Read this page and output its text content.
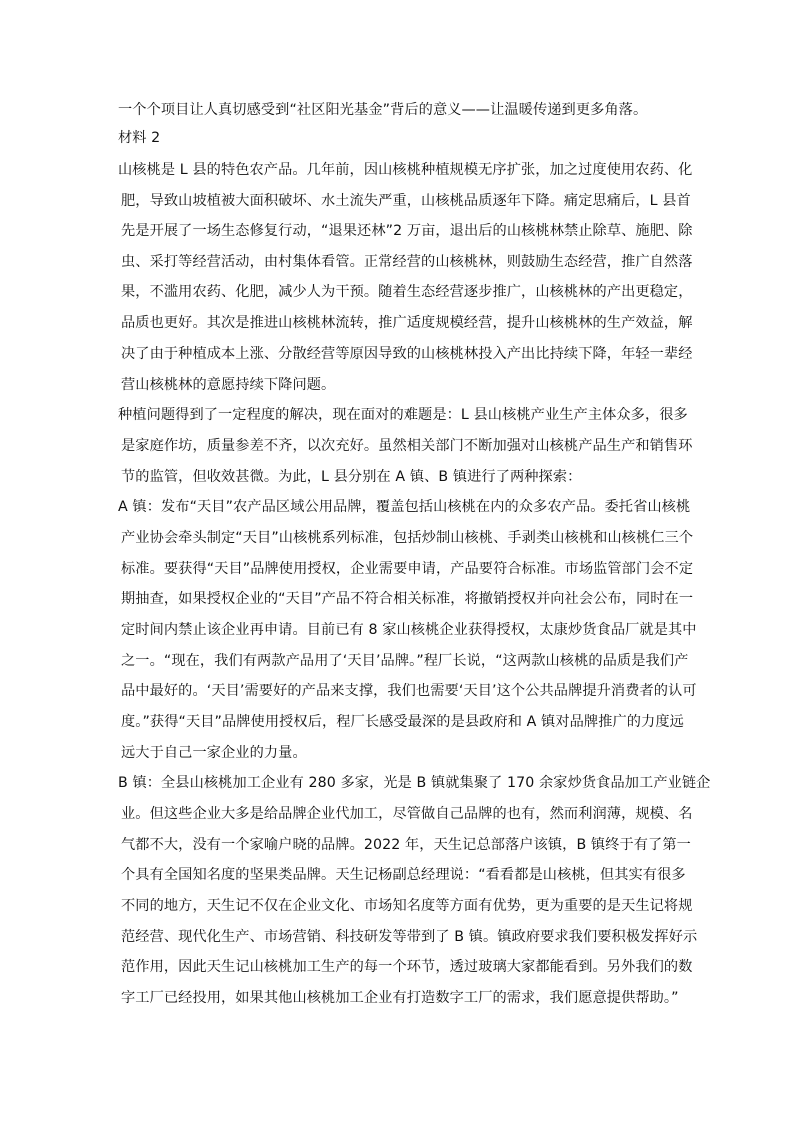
一个个项目让人真切感受到“社区阳光基金”背后的意义——让温暖传递到更多角落。
材料 2
山核桃是 L 县的特色农产品。几年前，因山核桃种植规模无序扩张，加之过度使用农药、化
肥，导致山坡植被大面积破坏、水土流失严重，山核桃品质逐年下降。痛定思痛后，L 县首
先是开展了一场生态修复行动，“退果还林”2 万亩，退出后的山核桃林禁止除草、施肥、除
虫、采打等经营活动，由村集体看管。正常经营的山核桃林，则鼓励生态经营，推广自然落
果，不滥用农药、化肥，减少人为干预。随着生态经营逐步推广，山核桃林的产出更稳定，
品质也更好。其次是推进山核桃林流转，推广适度规模经营，提升山核桃林的生产效益，解
决了由于种植成本上涨、分散经营等原因导致的山核桃林投入产出比持续下降，年轻一辈经
营山核桃林的意愿持续下降问题。
种植问题得到了一定程度的解决，现在面对的难题是：L 县山核桃产业生产主体众多，很多
是家庭作坊，质量参差不齐，以次充好。虽然相关部门不断加强对山核桃产品生产和销售环
节的监管，但收效甚微。为此，L 县分别在 A 镇、B 镇进行了两种探索：
A 镇：发布“天目”农产品区域公用品牌，覆盖包括山核桃在内的众多农产品。委托省山核桃
产业协会牵头制定“天目”山核桃系列标准，包括炒制山核桃、手剥类山核桃和山核桃仁三个
标准。要获得“天目”品牌使用授权，企业需要申请，产品要符合标准。市场监管部门会不定
期抽查，如果授权企业的“天目”产品不符合相关标准，将撤销授权并向社会公布，同时在一
定时间内禁止该企业再申请。目前已有 8 家山核桃企业获得授权，太康炒货食品厂就是其中
之一。“现在，我们有两款产品用了‘天目’品牌。”程厂长说，“这两款山核桃的品质是我们产
品中最好的。‘天目’需要好的产品来支撑，我们也需要‘天目’这个公共品牌提升消费者的认可
度。”获得“天目”品牌使用授权后，程厂长感受最深的是县政府和 A 镇对品牌推广的力度远
远大于自己一家企业的力量。
B 镇：全县山核桃加工企业有 280 多家，光是 B 镇就集聚了 170 余家炒货食品加工产业链企
业。但这些企业大多是给品牌企业代加工，尽管做自己品牌的也有，然而利润薄，规模、名
气都不大，没有一个家喻户晓的品牌。2022 年，天生记总部落户该镇，B 镇终于有了第一
个具有全国知名度的坚果类品牌。天生记杨副总经理说：“看看都是山核桃，但其实有很多
不同的地方，天生记不仅在企业文化、市场知名度等方面有优势，更为重要的是天生记将规
范经营、现代化生产、市场营销、科技研发等带到了 B 镇。镇政府要求我们要积极发挥好示
范作用，因此天生记山核桃加工生产的每一个环节，透过玻璃大家都能看到。另外我们的数
字工厂已经投用，如果其他山核桃加工企业有打造数字工厂的需求，我们愿意提供帮助。”
